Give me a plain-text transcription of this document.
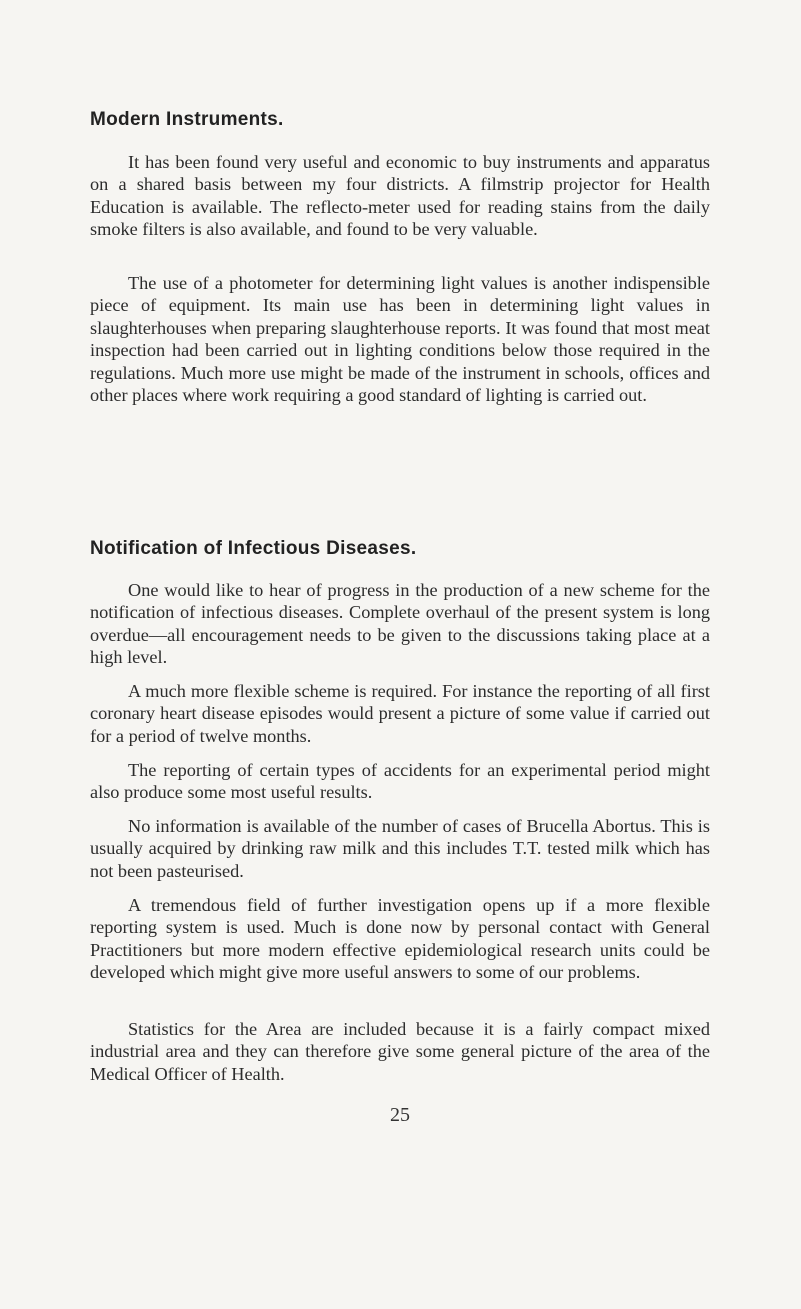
Modern Instruments.

It has been found very useful and economic to buy instruments and apparatus on a shared basis between my four districts. A filmstrip projector for Health Education is available. The reflecto-meter used for reading stains from the daily smoke filters is also available, and found to be very valuable.

The use of a photometer for determining light values is another indispensible piece of equipment. Its main use has been in determining light values in slaughterhouses when preparing slaughterhouse reports. It was found that most meat inspection had been carried out in lighting conditions below those required in the regulations. Much more use might be made of the instrument in schools, offices and other places where work requiring a good standard of lighting is carried out.

Notification of Infectious Diseases.

One would like to hear of progress in the production of a new scheme for the notification of infectious diseases. Complete overhaul of the present system is long overdue—all encouragement needs to be given to the discussions taking place at a high level.

A much more flexible scheme is required. For instance the reporting of all first coronary heart disease episodes would present a picture of some value if carried out for a period of twelve months.

The reporting of certain types of accidents for an experimental period might also produce some most useful results.

No information is available of the number of cases of Brucella Abortus. This is usually acquired by drinking raw milk and this includes T.T. tested milk which has not been pasteurised.

A tremendous field of further investigation opens up if a more flexible reporting system is used. Much is done now by personal contact with General Practitioners but more modern effective epidemiological research units could be developed which might give more useful answers to some of our problems.

Statistics for the Area are included because it is a fairly compact mixed industrial area and they can therefore give some general picture of the area of the Medical Officer of Health.

25
